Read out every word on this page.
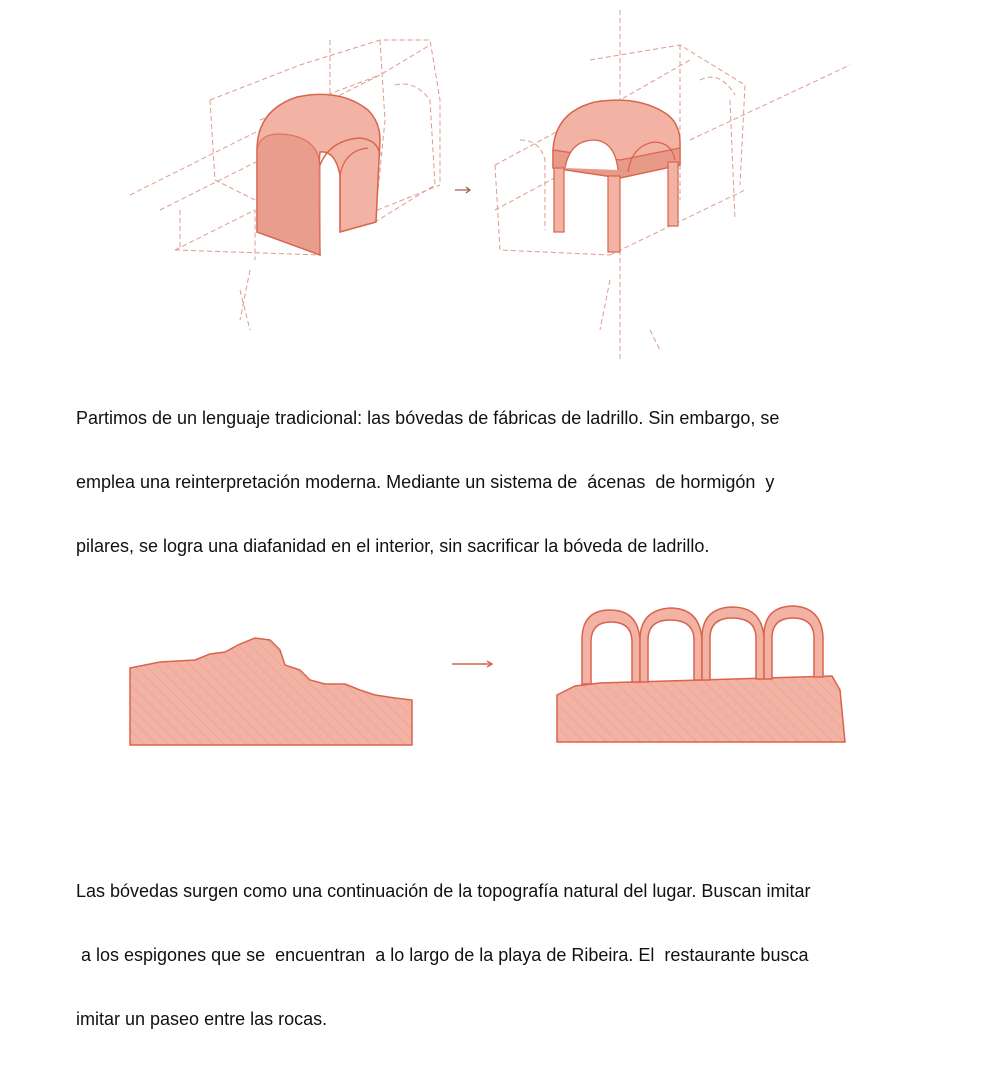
Partimos de un lenguaje tradicional: las bóvedas de fábricas de ladrillo. Sin embargo, se

emplea una reinterpretación moderna. Mediante un sistema de  ácenas  de hormigón  y

pilares, se logra una diafanidad en el interior, sin sacrificar la bóveda de ladrillo.

Las bóvedas surgen como una continuación de la topografía natural del lugar. Buscan imitar

a los espigones que se  encuentran  a lo largo de la playa de Ribeira. El  restaurante busca

imitar un paseo entre las rocas.
